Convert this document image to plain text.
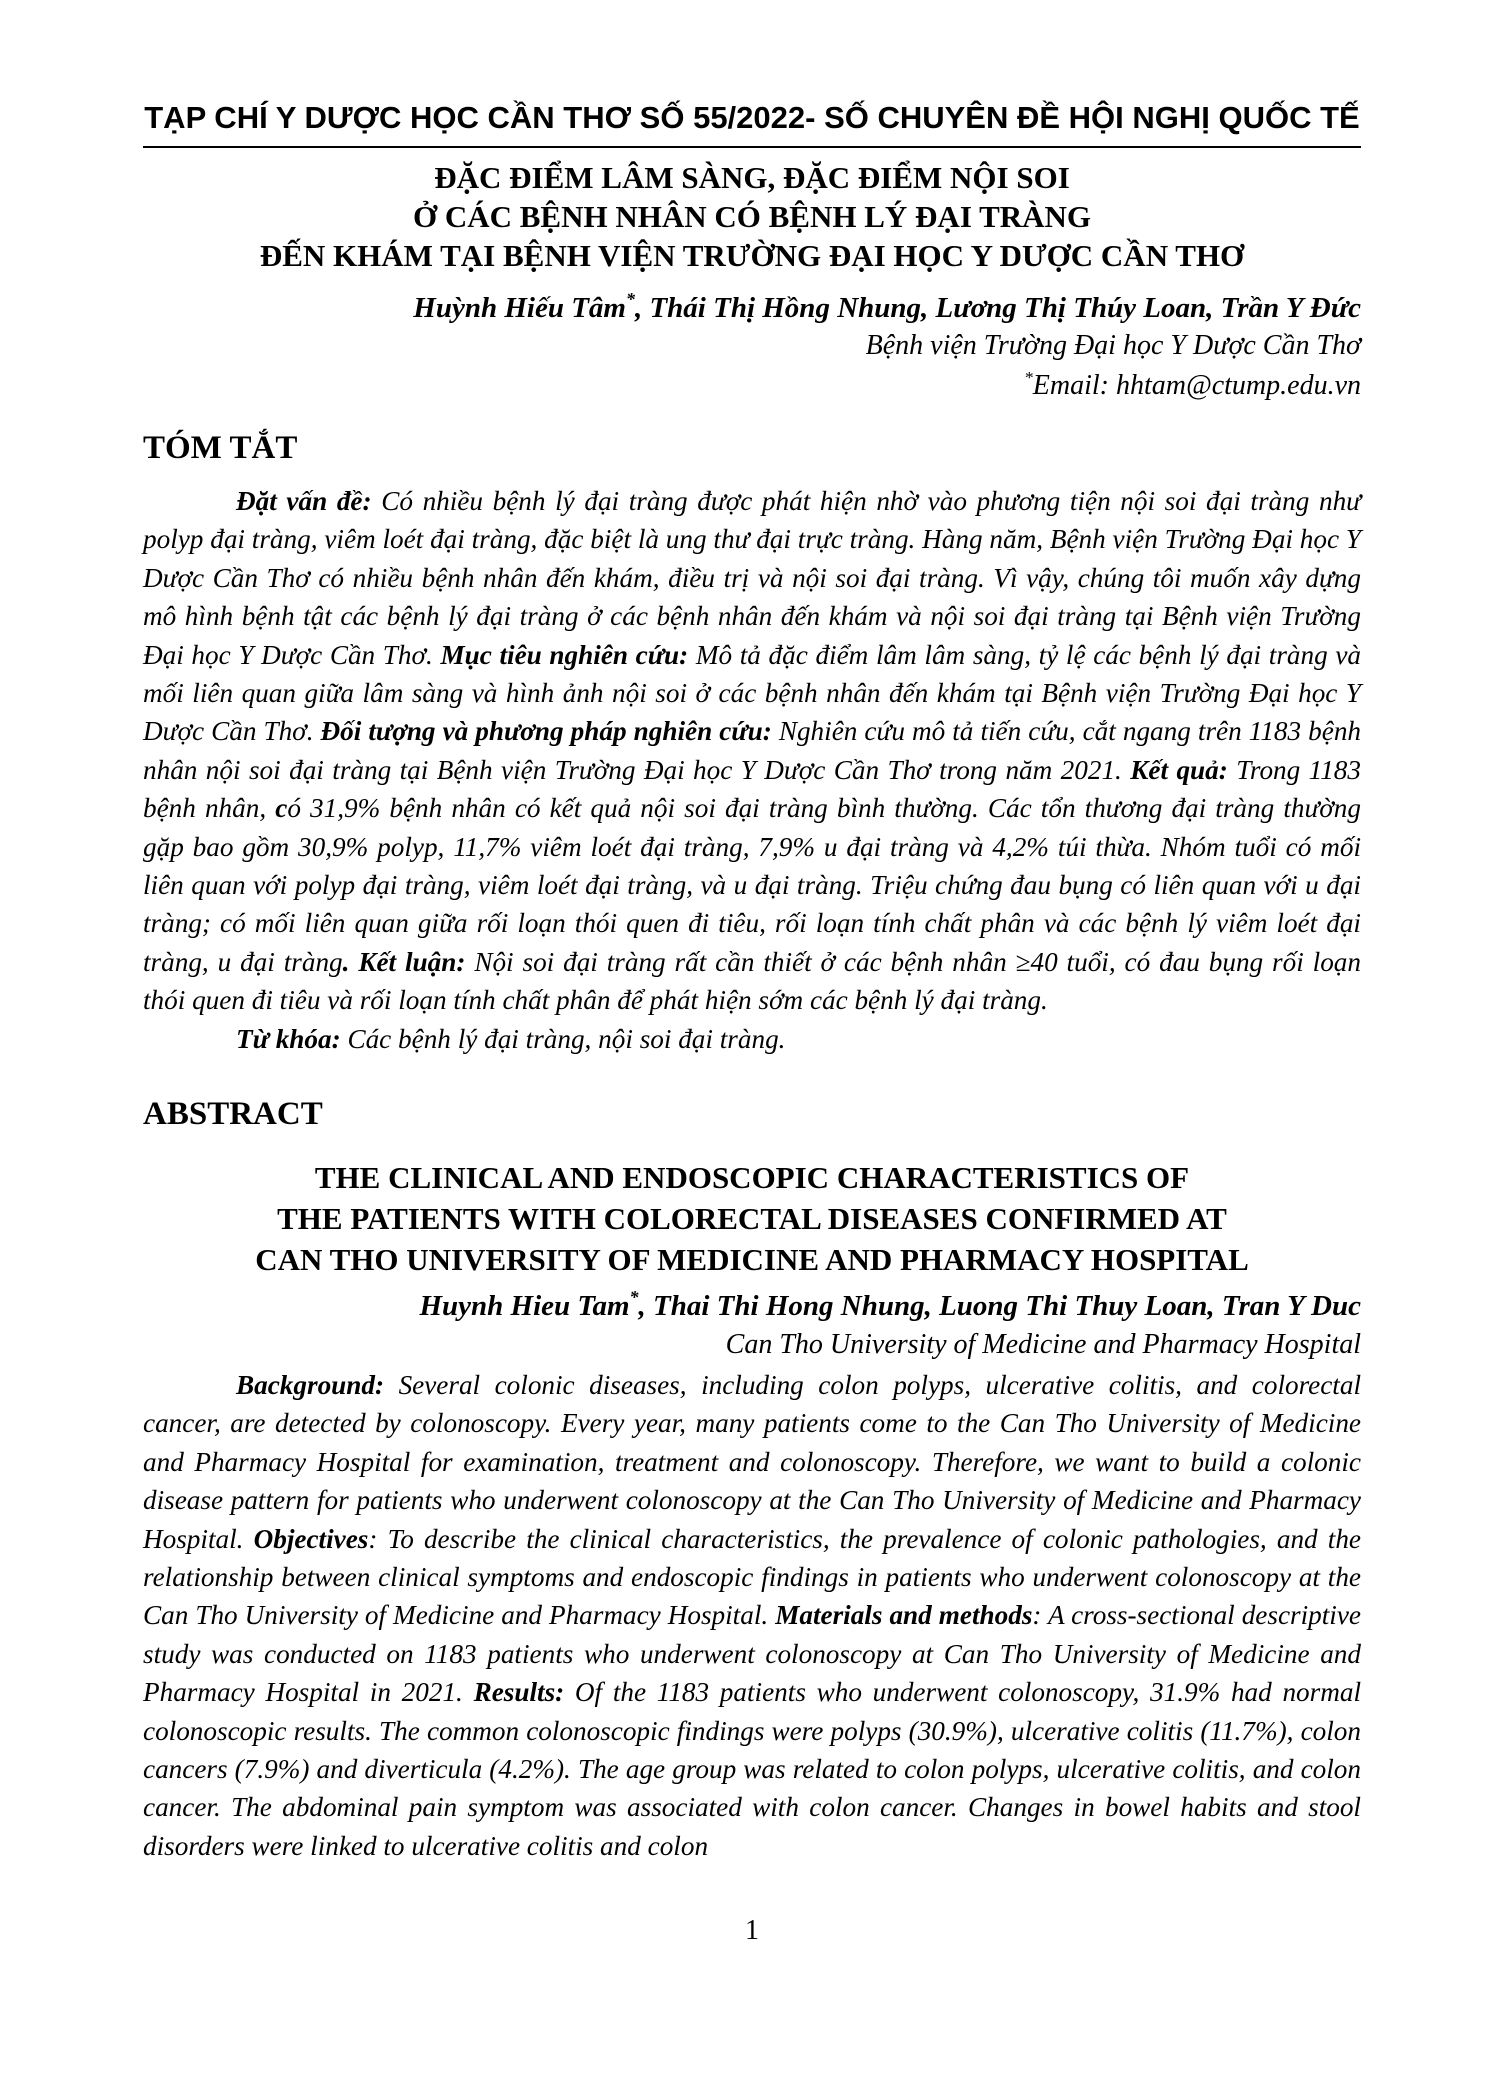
TẠP CHÍ Y DƯỢC HỌC CẦN THƠ SỐ 55/2022- SỐ CHUYÊN ĐỀ HỘI NGHỊ QUỐC TẾ
ĐẶC ĐIỂM LÂM SÀNG, ĐẶC ĐIỂM NỘI SOI
Ở CÁC BỆNH NHÂN CÓ BỆNH LÝ ĐẠI TRÀNG
ĐẾN KHÁM TẠI BỆNH VIỆN TRƯỜNG ĐẠI HỌC Y DƯỢC CẦN THƠ
Huỳnh Hiếu Tâm*, Thái Thị Hồng Nhung, Lương Thị Thúy Loan, Trần Y Đức
Bệnh viện Trường Đại học Y Dược Cần Thơ
*Email: hhtam@ctump.edu.vn
TÓM TẮT

Đặt vấn đề: Có nhiều bệnh lý đại tràng được phát hiện nhờ vào phương tiện nội soi đại tràng như polyp đại tràng, viêm loét đại tràng, đặc biệt là ung thư đại trực tràng. Hàng năm, Bệnh viện Trường Đại học Y Dược Cần Thơ có nhiều bệnh nhân đến khám, điều trị và nội soi đại tràng. Vì vậy, chúng tôi muốn xây dựng mô hình bệnh tật các bệnh lý đại tràng ở các bệnh nhân đến khám và nội soi đại tràng tại Bệnh viện Trường Đại học Y Dược Cần Thơ. Mục tiêu nghiên cứu: Mô tả đặc điểm lâm lâm sàng, tỷ lệ các bệnh lý đại tràng và mối liên quan giữa lâm sàng và hình ảnh nội soi ở các bệnh nhân đến khám tại Bệnh viện Trường Đại học Y Dược Cần Thơ. Đối tượng và phương pháp nghiên cứu: Nghiên cứu mô tả tiến cứu, cắt ngang trên 1183 bệnh nhân nội soi đại tràng tại Bệnh viện Trường Đại học Y Dược Cần Thơ trong năm 2021. Kết quả: Trong 1183 bệnh nhân, có 31,9% bệnh nhân có kết quả nội soi đại tràng bình thường. Các tổn thương đại tràng thường gặp bao gồm 30,9% polyp, 11,7% viêm loét đại tràng, 7,9% u đại tràng và 4,2% túi thừa. Nhóm tuổi có mối liên quan với polyp đại tràng, viêm loét đại tràng, và u đại tràng. Triệu chứng đau bụng có liên quan với u đại tràng; có mối liên quan giữa rối loạn thói quen đi tiêu, rối loạn tính chất phân và các bệnh lý viêm loét đại tràng, u đại tràng. Kết luận: Nội soi đại tràng rất cần thiết ở các bệnh nhân ≥40 tuổi, có đau bụng rối loạn thói quen đi tiêu và rối loạn tính chất phân để phát hiện sớm các bệnh lý đại tràng.

Từ khóa: Các bệnh lý đại tràng, nội soi đại tràng.

ABSTRACT
THE CLINICAL AND ENDOSCOPIC CHARACTERISTICS OF
THE PATIENTS WITH COLORECTAL DISEASES CONFIRMED AT
CAN THO UNIVERSITY OF MEDICINE AND PHARMACY HOSPITAL
Huynh Hieu Tam*, Thai Thi Hong Nhung, Luong Thi Thuy Loan, Tran Y Duc
Can Tho University of Medicine and Pharmacy Hospital

Background: Several colonic diseases, including colon polyps, ulcerative colitis, and colorectal cancer, are detected by colonoscopy. Every year, many patients come to the Can Tho University of Medicine and Pharmacy Hospital for examination, treatment and colonoscopy. Therefore, we want to build a colonic disease pattern for patients who underwent colonoscopy at the Can Tho University of Medicine and Pharmacy Hospital. Objectives: To describe the clinical characteristics, the prevalence of colonic pathologies, and the relationship between clinical symptoms and endoscopic findings in patients who underwent colonoscopy at the Can Tho University of Medicine and Pharmacy Hospital. Materials and methods: A cross-sectional descriptive study was conducted on 1183 patients who underwent colonoscopy at Can Tho University of Medicine and Pharmacy Hospital in 2021. Results: Of the 1183 patients who underwent colonoscopy, 31.9% had normal colonoscopic results. The common colonoscopic findings were polyps (30.9%), ulcerative colitis (11.7%), colon cancers (7.9%) and diverticula (4.2%). The age group was related to colon polyps, ulcerative colitis, and colon cancer. The abdominal pain symptom was associated with colon cancer. Changes in bowel habits and stool disorders were linked to ulcerative colitis and colon

1
